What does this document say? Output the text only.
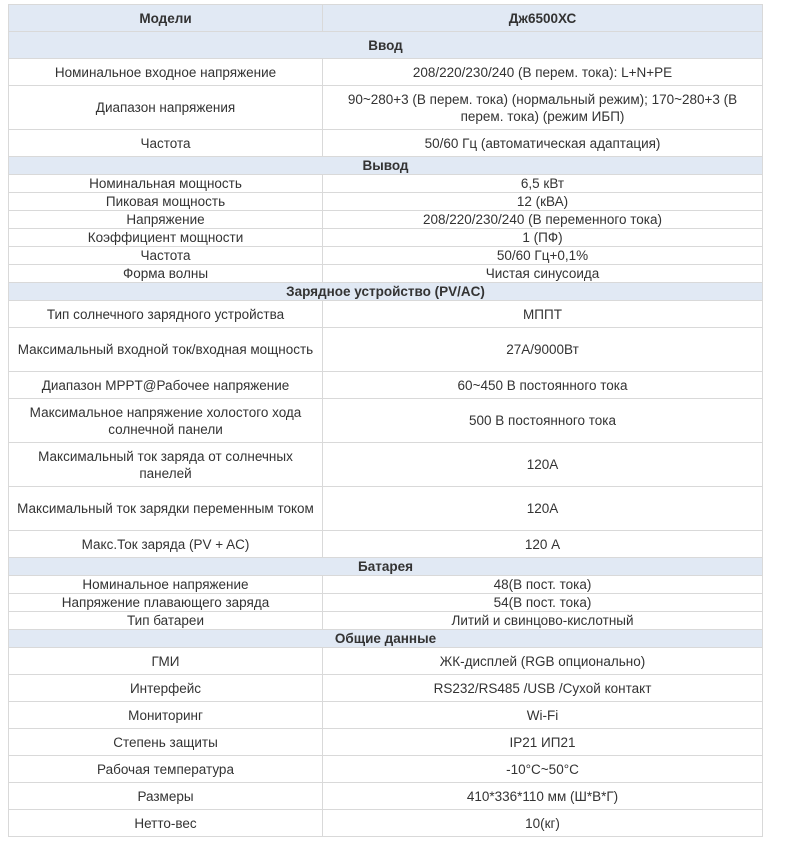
Модели	Дж6500ХС
Ввод	
Номинальное входное напряжение	208/220/230/240 (В перем. тока): L+N+PE
Диапазон напряжения	90~280+3 (В перем. тока) (нормальный режим); 170~280+3 (В перем. тока) (режим ИБП)
Частота	50/60 Гц (автоматическая адаптация)
Вывод	
Номинальная мощность	6,5 кВт
Пиковая мощность	12 (кВА)
Напряжение	208/220/230/240 (В переменного тока)
Коэффициент мощности	1 (ПФ)
Частота	50/60 Гц+0,1%
Форма волны	Чистая синусоида
Зарядное устройство (PV/AC)	
Тип солнечного зарядного устройства	МППТ
Максимальный входной ток/входная мощность	27А/9000Вт
Диапазон MPPT@Рабочее напряжение	60~450 В постоянного тока
Максимальное напряжение холостого хода солнечной панели	500 В постоянного тока
Максимальный ток заряда от солнечных панелей	120А
Максимальный ток зарядки переменным током	120А
Макс.Ток заряда (PV + AC)	120 А
Батарея	
Номинальное напряжение	48(В пост. тока)
Напряжение плавающего заряда	54(В пост. тока)
Тип батареи	Литий и свинцово-кислотный
Общие данные	
ГМИ	ЖК-дисплей (RGB опционально)
Интерфейс	RS232/RS485 /USB /Сухой контакт
Мониторинг	Wi-Fi
Степень защиты	IP21 ИП21
Рабочая температура	-10°C~50°C
Размеры	410*336*110 мм (Ш*В*Г)
Нетто-вес	10(кг)
